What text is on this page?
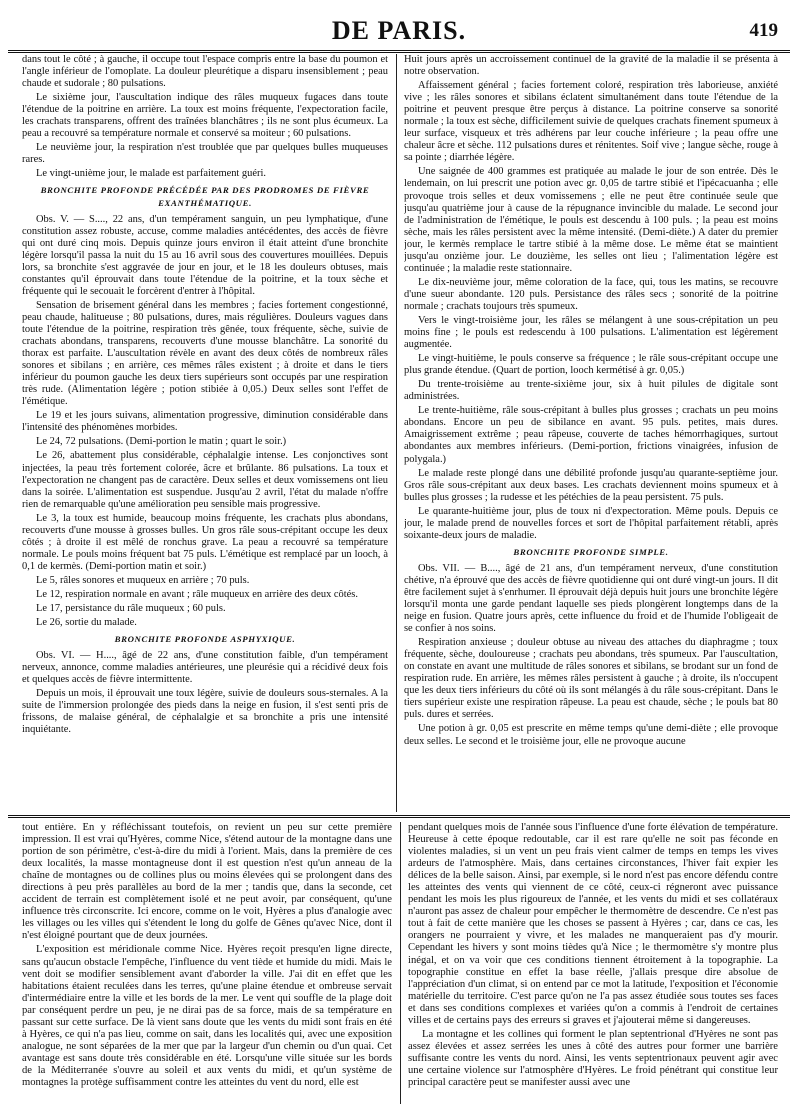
DE PARIS.	419

dans tout le côté ; à gauche, il occupe tout l'espace compris entre la base du poumon et l'angle inférieur de l'omoplate. La douleur pleurétique a disparu insensiblement ; peau chaude et sudorale ; 80 pulsations.

Le sixième jour, l'auscultation indique des râles muqueux fugaces dans toute l'étendue de la poitrine en arrière. La toux est moins fréquente, l'expectoration facile, les crachats transparens, offrent des traînées blanchâtres ; ils ne sont plus écumeux. La peau a recouvré sa température normale et conservé sa moiteur ; 60 pulsations.

Le neuvième jour, la respiration n'est troublée que par quelques bulles muqueuses rares.

Le vingt-unième jour, le malade est parfaitement guéri.

BRONCHITE PROFONDE PRÉCÉDÉE PAR DES PRODROMES DE FIÈVRE EXANTHÉMATIQUE.

Obs. V. — S...., 22 ans, d'un tempérament sanguin, un peu lymphatique, d'une constitution assez robuste, accuse, comme maladies antécédentes, des accès de fièvre qui ont duré cinq mois. Depuis quinze jours environ il était atteint d'une bronchite légère lorsqu'il passa la nuit du 15 au 16 avril sous des couvertures mouillées. Depuis lors, sa bronchite s'est aggravée de jour en jour, et le 18 les douleurs obtuses, mais constantes qu'il éprouvait dans toute l'étendue de la poitrine, et la toux sèche et fréquente qui le secouait le forcèrent d'entrer à l'hôpital.

Sensation de brisement général dans les membres ; facies fortement congestionné, peau chaude, halitueuse ; 80 pulsations, dures, mais régulières. Douleurs vagues dans toute l'étendue de la poitrine, respiration très gênée, toux fréquente, sèche, suivie de crachats abondans, transparens, recouverts d'une mousse blanchâtre. La sonorité du thorax est parfaite. L'auscultation révèle en avant des deux côtés de nombreux râles sonores et sibilans ; en arrière, ces mêmes râles existent ; à droite et dans le tiers inférieur du poumon gauche les deux tiers supérieurs sont occupés par une respiration très rude. (Alimentation légère ; potion stibiée à 0,05.) Deux selles sont l'effet de l'émétique.

Le 19 et les jours suivans, alimentation progressive, diminution considérable dans l'intensité des phénomènes morbides.

Le 24, 72 pulsations. (Demi-portion le matin ; quart le soir.)

Le 26, abattement plus considérable, céphalalgie intense. Les conjonctives sont injectées, la peau très fortement colorée, âcre et brûlante. 86 pulsations. La toux et l'expectoration ne changent pas de caractère. Deux selles et deux vomissemens ont lieu dans la soirée. L'alimentation est suspendue. Jusqu'au 2 avril, l'état du malade n'offre rien de remarquable qu'une amélioration peu sensible mais progressive.

Le 3, la toux est humide, beaucoup moins fréquente, les crachats plus abondans, recouverts d'une mousse à grosses bulles. Un gros râle sous-crépitant occupe les deux côtés ; à droite il est mêlé de ronchus grave. La peau a recouvré sa température normale. Le pouls moins fréquent bat 75 puls. L'émétique est remplacé par un looch, à 0,1 de kermès. (Demi-portion matin et soir.)

Le 5, râles sonores et muqueux en arrière ; 70 puls.

Le 12, respiration normale en avant ; râle muqueux en arrière des deux côtés.

Le 17, persistance du râle muqueux ; 60 puls.

Le 26, sortie du malade.

BRONCHITE PROFONDE ASPHYXIQUE.

Obs. VI. — H...., âgé de 22 ans, d'une constitution faible, d'un tempérament nerveux, annonce, comme maladies antérieures, une pleurésie qui a récidivé deux fois et quelques accès de fièvre intermittente.

Depuis un mois, il éprouvait une toux légère, suivie de douleurs sous-sternales. A la suite de l'immersion prolongée des pieds dans la neige en fusion, il s'est senti pris de frissons, de malaise général, de céphalalgie et sa bronchite a pris une intensité inquiétante.

Huit jours après un accroissement continuel de la gravité de la maladie il se présenta à notre observation.

Affaissement général ; facies fortement coloré, respiration très laborieuse, anxiété vive ; les râles sonores et sibilans éclatent simultanément dans toute l'étendue de la poitrine et peuvent presque être perçus à distance. La poitrine conserve sa sonorité normale ; la toux est sèche, difficilement suivie de quelques crachats finement spumeux à leur surface, visqueux et très adhérens par leur couche inférieure ; la peau offre une chaleur âcre et sèche. 112 pulsations dures et rénitentes. Soif vive ; langue sèche, rouge à sa pointe ; diarrhée légère.

Une saignée de 400 grammes est pratiquée au malade le jour de son entrée. Dès le lendemain, on lui prescrit une potion avec gr. 0,05 de tartre stibié et l'ipécacuanha ; elle provoque trois selles et deux vomissemens ; elle ne peut être continuée seule que jusqu'au quatrième jour à cause de la répugnance invincible du malade. Le second jour de l'administration de l'émétique, le pouls est descendu à 100 puls. ; la peau est moins sèche, mais les râles persistent avec la même intensité. (Demi-diète.) A dater du premier jour, le kermès remplace le tartre stibié à la même dose. Le même état se maintient jusqu'au onzième jour. Le douzième, les selles ont lieu ; l'alimentation légère est continuée ; la maladie reste stationnaire.

Le dix-neuvième jour, même coloration de la face, qui, tous les matins, se recouvre d'une sueur abondante. 120 puls. Persistance des râles secs ; sonorité de la poitrine normale ; crachats toujours très spumeux.

Vers le vingt-troisième jour, les râles se mélangent à une sous-crépitation un peu moins fine ; le pouls est redescendu à 100 pulsations. L'alimentation est légèrement augmentée.

Le vingt-huitième, le pouls conserve sa fréquence ; le râle sous-crépitant occupe une plus grande étendue. (Quart de portion, looch kermétisé à gr. 0,05.)

Du trente-troisième au trente-sixième jour, six à huit pilules de digitale sont administrées.

Le trente-huitième, râle sous-crépitant à bulles plus grosses ; crachats un peu moins abondans. Encore un peu de sibilance en avant. 95 puls. petites, mais dures. Amaigrissement extrême ; peau râpeuse, couverte de taches hémorrhagiques, surtout abondantes aux membres inférieurs. (Demi-portion, frictions vinaigrées, infusion de polygala.)

Le malade reste plongé dans une débilité profonde jusqu'au quarante-septième jour. Gros râle sous-crépitant aux deux bases. Les crachats deviennent moins spumeux et à bulles plus grosses ; la rudesse et les pétéchies de la peau persistent. 75 puls.

Le quarante-huitième jour, plus de toux ni d'expectoration. Même pouls. Depuis ce jour, le malade prend de nouvelles forces et sort de l'hôpital parfaitement rétabli, après soixante-deux jours de maladie.

BRONCHITE PROFONDE SIMPLE.

Obs. VII. — B...., âgé de 21 ans, d'un tempérament nerveux, d'une constitution chétive, n'a éprouvé que des accès de fièvre quotidienne qui ont duré vingt-un jours. Il dit être facilement sujet à s'enrhumer. Il éprouvait déjà depuis huit jours une bronchite légère lorsqu'il monta une garde pendant laquelle ses pieds plongèrent longtemps dans de la neige en fusion. Quatre jours après, cette influence du froid et de l'humide l'obligeait de se confier à nos soins.

Respiration anxieuse ; douleur obtuse au niveau des attaches du diaphragme ; toux fréquente, sèche, douloureuse ; crachats peu abondans, très spumeux. Par l'auscultation, on constate en avant une multitude de râles sonores et sibilans, se brodant sur un fond de respiration rude. En arrière, les mêmes râles persistent à gauche ; à droite, ils n'occupent que les deux tiers inférieurs du côté où ils sont mélangés à du râle sous-crépitant. Dans le tiers supérieur existe une respiration râpeuse. La peau est chaude, sèche ; le pouls bat 80 puls. dures et serrées.

Une potion à gr. 0,05 est prescrite en même temps qu'une demi-diète ; elle provoque deux selles. Le second et le troisième jour, elle ne provoque aucune

tout entière. En y réfléchissant toutefois, on revient un peu sur cette première impression. Il est vrai qu'Hyères, comme Nice, s'étend autour de la montagne dans une portion de son périmètre, c'est-à-dire du midi à l'orient. Mais, dans la première de ces deux localités, la masse montagneuse dont il est question n'est qu'un anneau de la chaîne de montagnes ou de collines plus ou moins élevées qui se prolongent dans des directions à peu près parallèles au bord de la mer ; tandis que, dans la seconde, cet accident de terrain est complètement isolé et ne peut avoir, par conséquent, qu'une influence très circonscrite. Ici encore, comme on le voit, Hyères a plus d'analogie avec les villages ou les villes qui s'étendent le long du golfe de Gênes qu'avec Nice, dont il n'est éloigné pourtant que de deux journées.

L'exposition est méridionale comme Nice. Hyères reçoit presqu'en ligne directe, sans qu'aucun obstacle l'empêche, l'influence du vent tiède et humide du midi. Mais le vent doit se modifier sensiblement avant d'aborder la ville. J'ai dit en effet que les habitations étaient reculées dans les terres, qu'une plaine étendue et ombreuse servait d'intermédiaire entre la ville et les bords de la mer. Le vent qui souffle de la plage doit par conséquent perdre un peu, je ne dirai pas de sa force, mais de sa température en passant sur cette surface. De là vient sans doute que les vents du midi sont frais en été à Hyères, ce qui n'a pas lieu, comme on sait, dans les localités qui, avec une exposition analogue, ne sont séparées de la mer que par la largeur d'un chemin ou d'un quai. Cet avantage est sans doute très considérable en été. Lorsqu'une ville située sur les bords de la Méditerranée s'ouvre au soleil et aux vents du midi, et qu'un système de montagnes la protège suffisamment contre les atteintes du vent du nord, elle est

pendant quelques mois de l'année sous l'influence d'une forte élévation de température. Heureuse à cette époque redoutable, car il est rare qu'elle ne soit pas féconde en violentes maladies, si un vent un peu frais vient calmer de temps en temps les vives ardeurs de l'atmosphère. Mais, dans certaines circonstances, l'hiver fait expier les délices de la belle saison. Ainsi, par exemple, si le nord n'est pas encore défendu contre les atteintes des vents qui viennent de ce côté, ceux-ci régneront avec puissance pendant les mois les plus rigoureux de l'année, et les vents du midi et ses collatéraux n'auront pas assez de chaleur pour empêcher le thermomètre de descendre. Ce n'est pas tout à fait de cette manière que les choses se passent à Hyères ; car, dans ce cas, les orangers ne pourraient y vivre, et les malades ne manqueraient pas d'y mourir. Cependant les hivers y sont moins tièdes qu'à Nice ; le thermomètre s'y montre plus inégal, et on va voir que ces conditions tiennent étroitement à la topographie. La topographie constitue en effet la base réelle, j'allais presque dire absolue de l'appréciation d'un climat, si on entend par ce mot la latitude, l'exposition et l'économie matérielle du territoire. C'est parce qu'on ne l'a pas assez étudiée sous toutes ses faces et dans ses conditions complexes et variées qu'on a commis à l'endroit de certaines villes et de certains pays des erreurs si graves et j'ajouterai même si dangereuses.

La montagne et les collines qui forment le plan septentrional d'Hyères ne sont pas assez élevées et assez serrées les unes à côté des autres pour former une barrière suffisante contre les vents du nord. Ainsi, les vents septentrionaux peuvent agir avec une certaine violence sur l'atmosphère d'Hyères. Le froid pénétrant qui constitue leur principal caractère peut se manifester aussi avec une
